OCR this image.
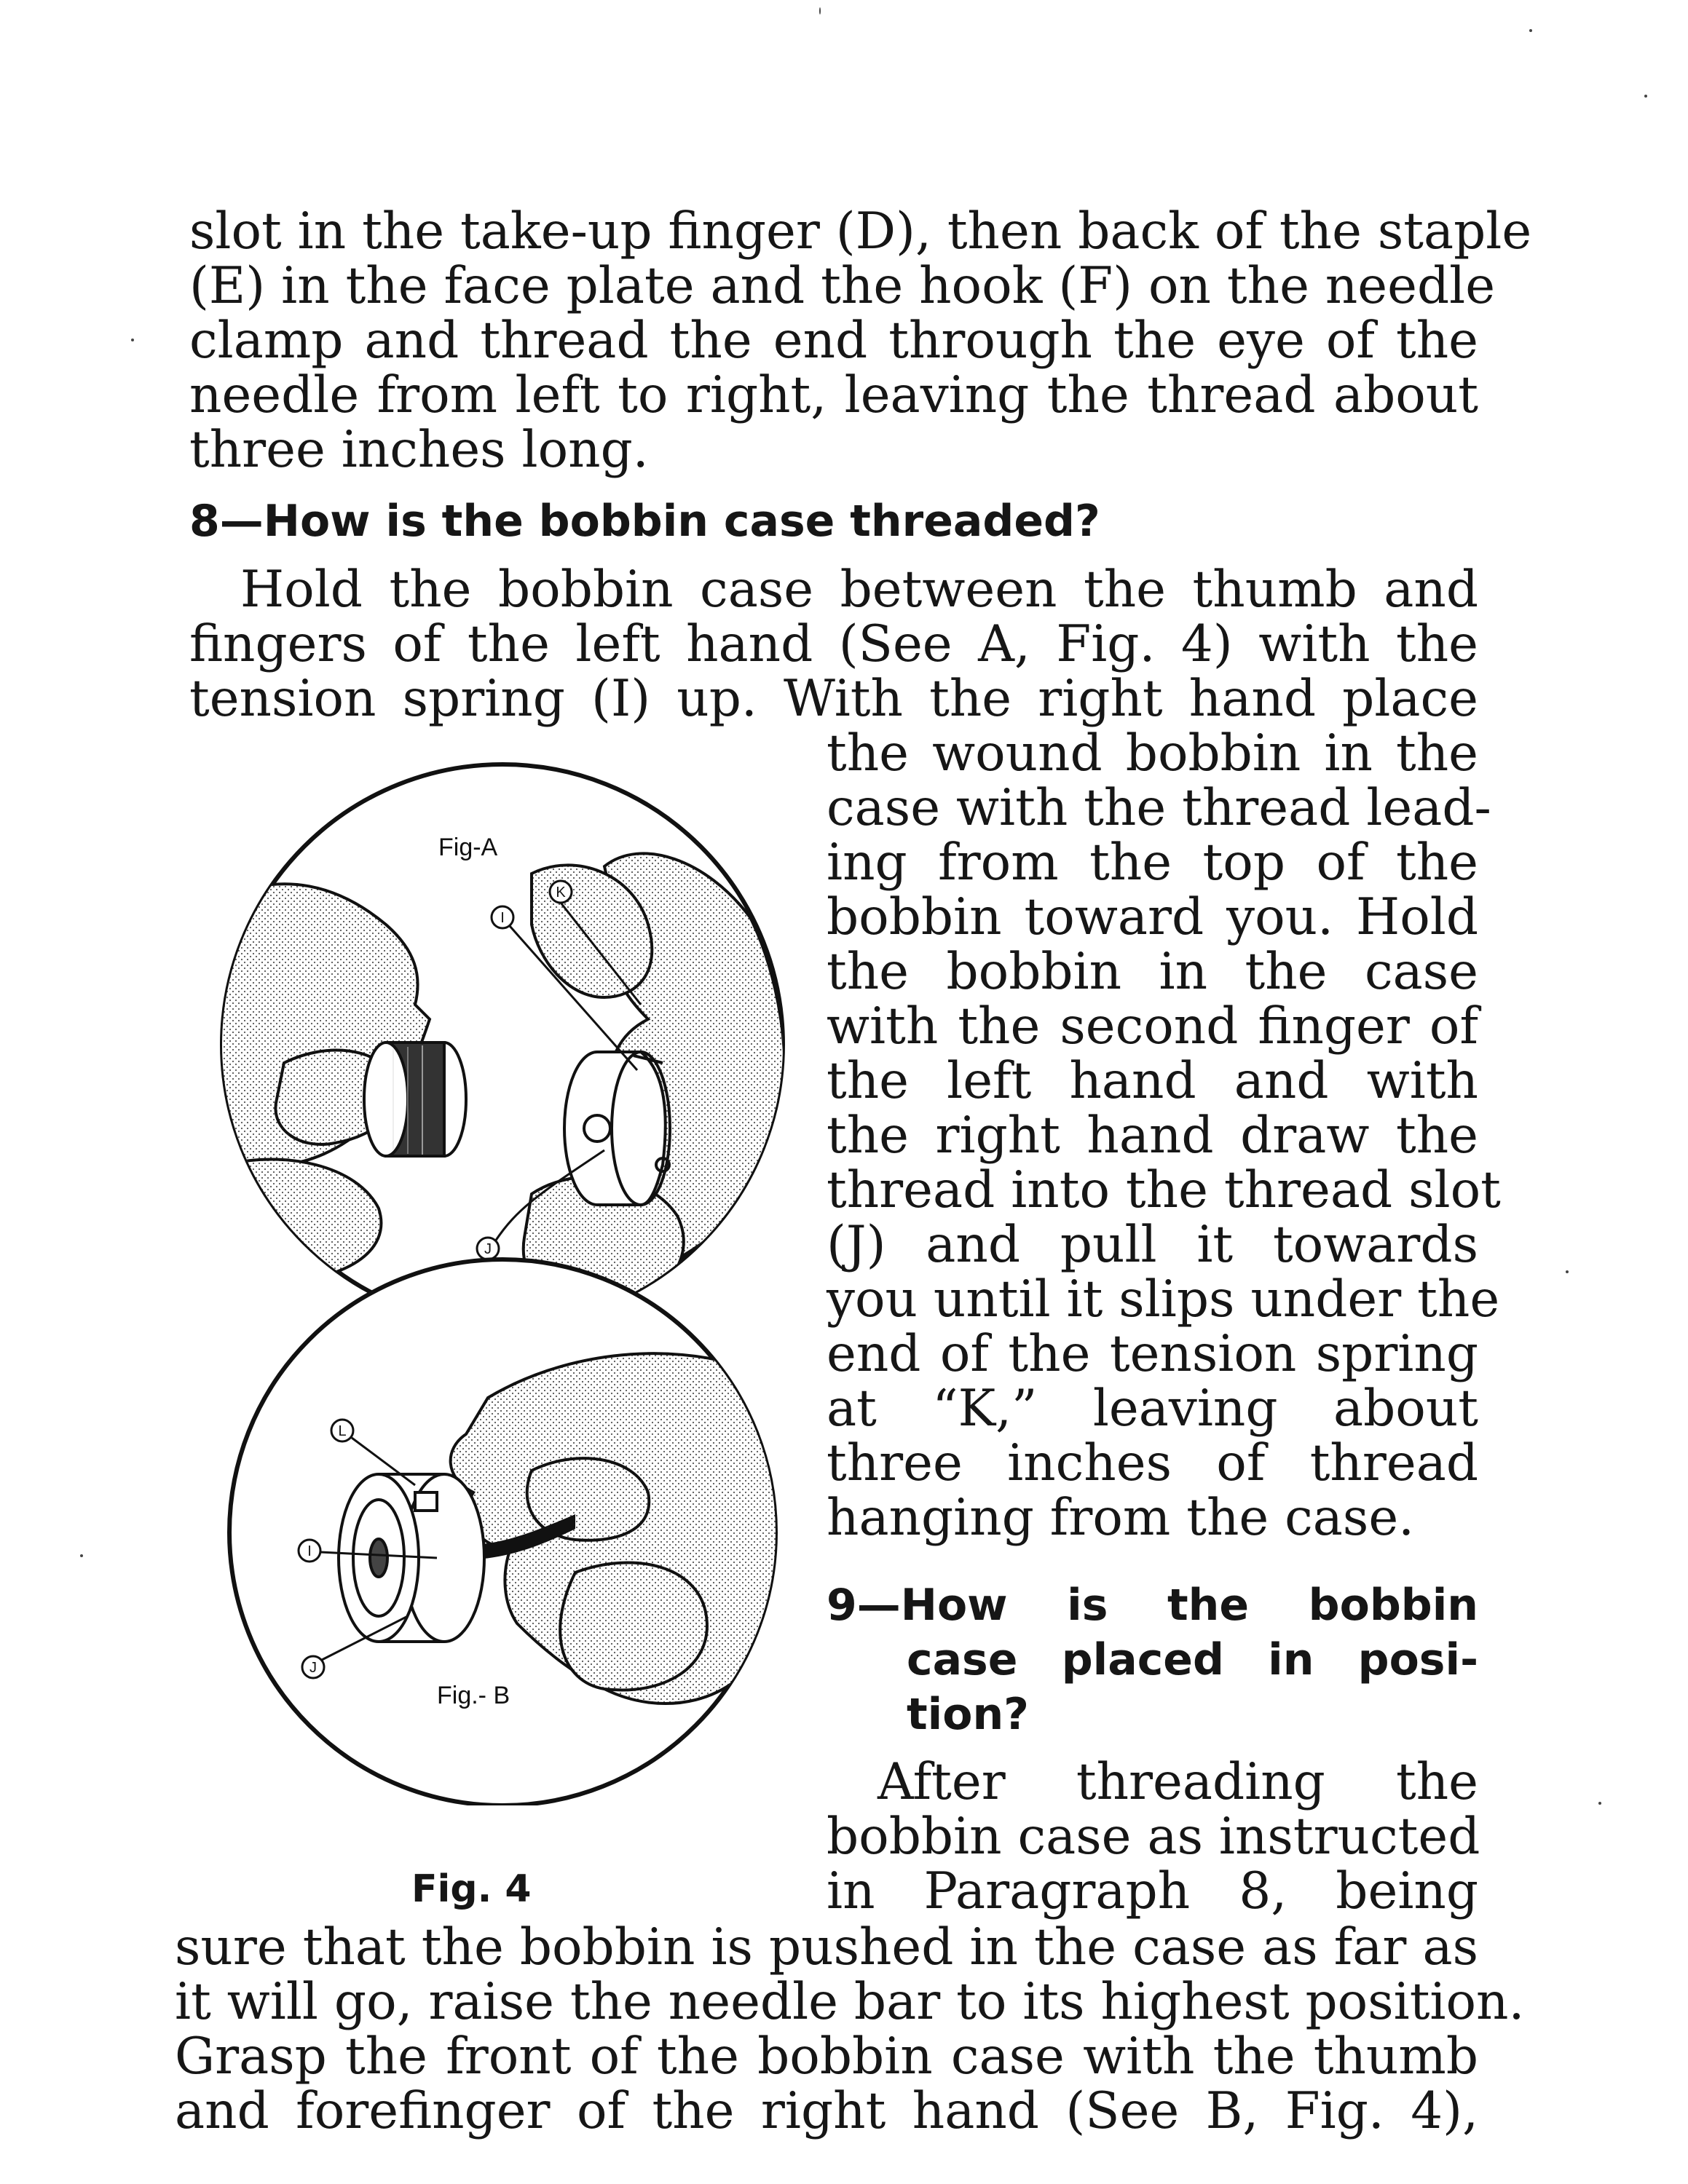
slot in the take-up finger (D), then back of the staple
(E) in the face plate and the hook (F) on the needle
clamp and thread the end through the eye of the
needle from left to right, leaving the thread about
three inches long.
8—How is the bobbin case threaded?
Hold the bobbin case between the thumb and
fingers of the left hand (See A, Fig. 4) with the
tension spring (I) up. With the right hand place
the wound bobbin in the
case with the thread lead-
ing from the top of the
bobbin toward you. Hold
the bobbin in the case
with the second finger of
the left hand and with
the right hand draw the
thread into the thread slot
(J) and pull it towards
you until it slips under the
end of the tension spring
at “K,” leaving about
three inches of thread
hanging from the case.
9—How is the bobbin
case placed in posi-
tion?
After threading the
bobbin case as instructed
in Paragraph 8, being
sure that the bobbin is pushed in the case as far as
it will go, raise the needle bar to its highest position.
Grasp the front of the bobbin case with the thumb
and forefinger of the right hand (See B, Fig. 4),
K
I
J
Fig-A
L
I
J
Fig.- B
Fig. 4
